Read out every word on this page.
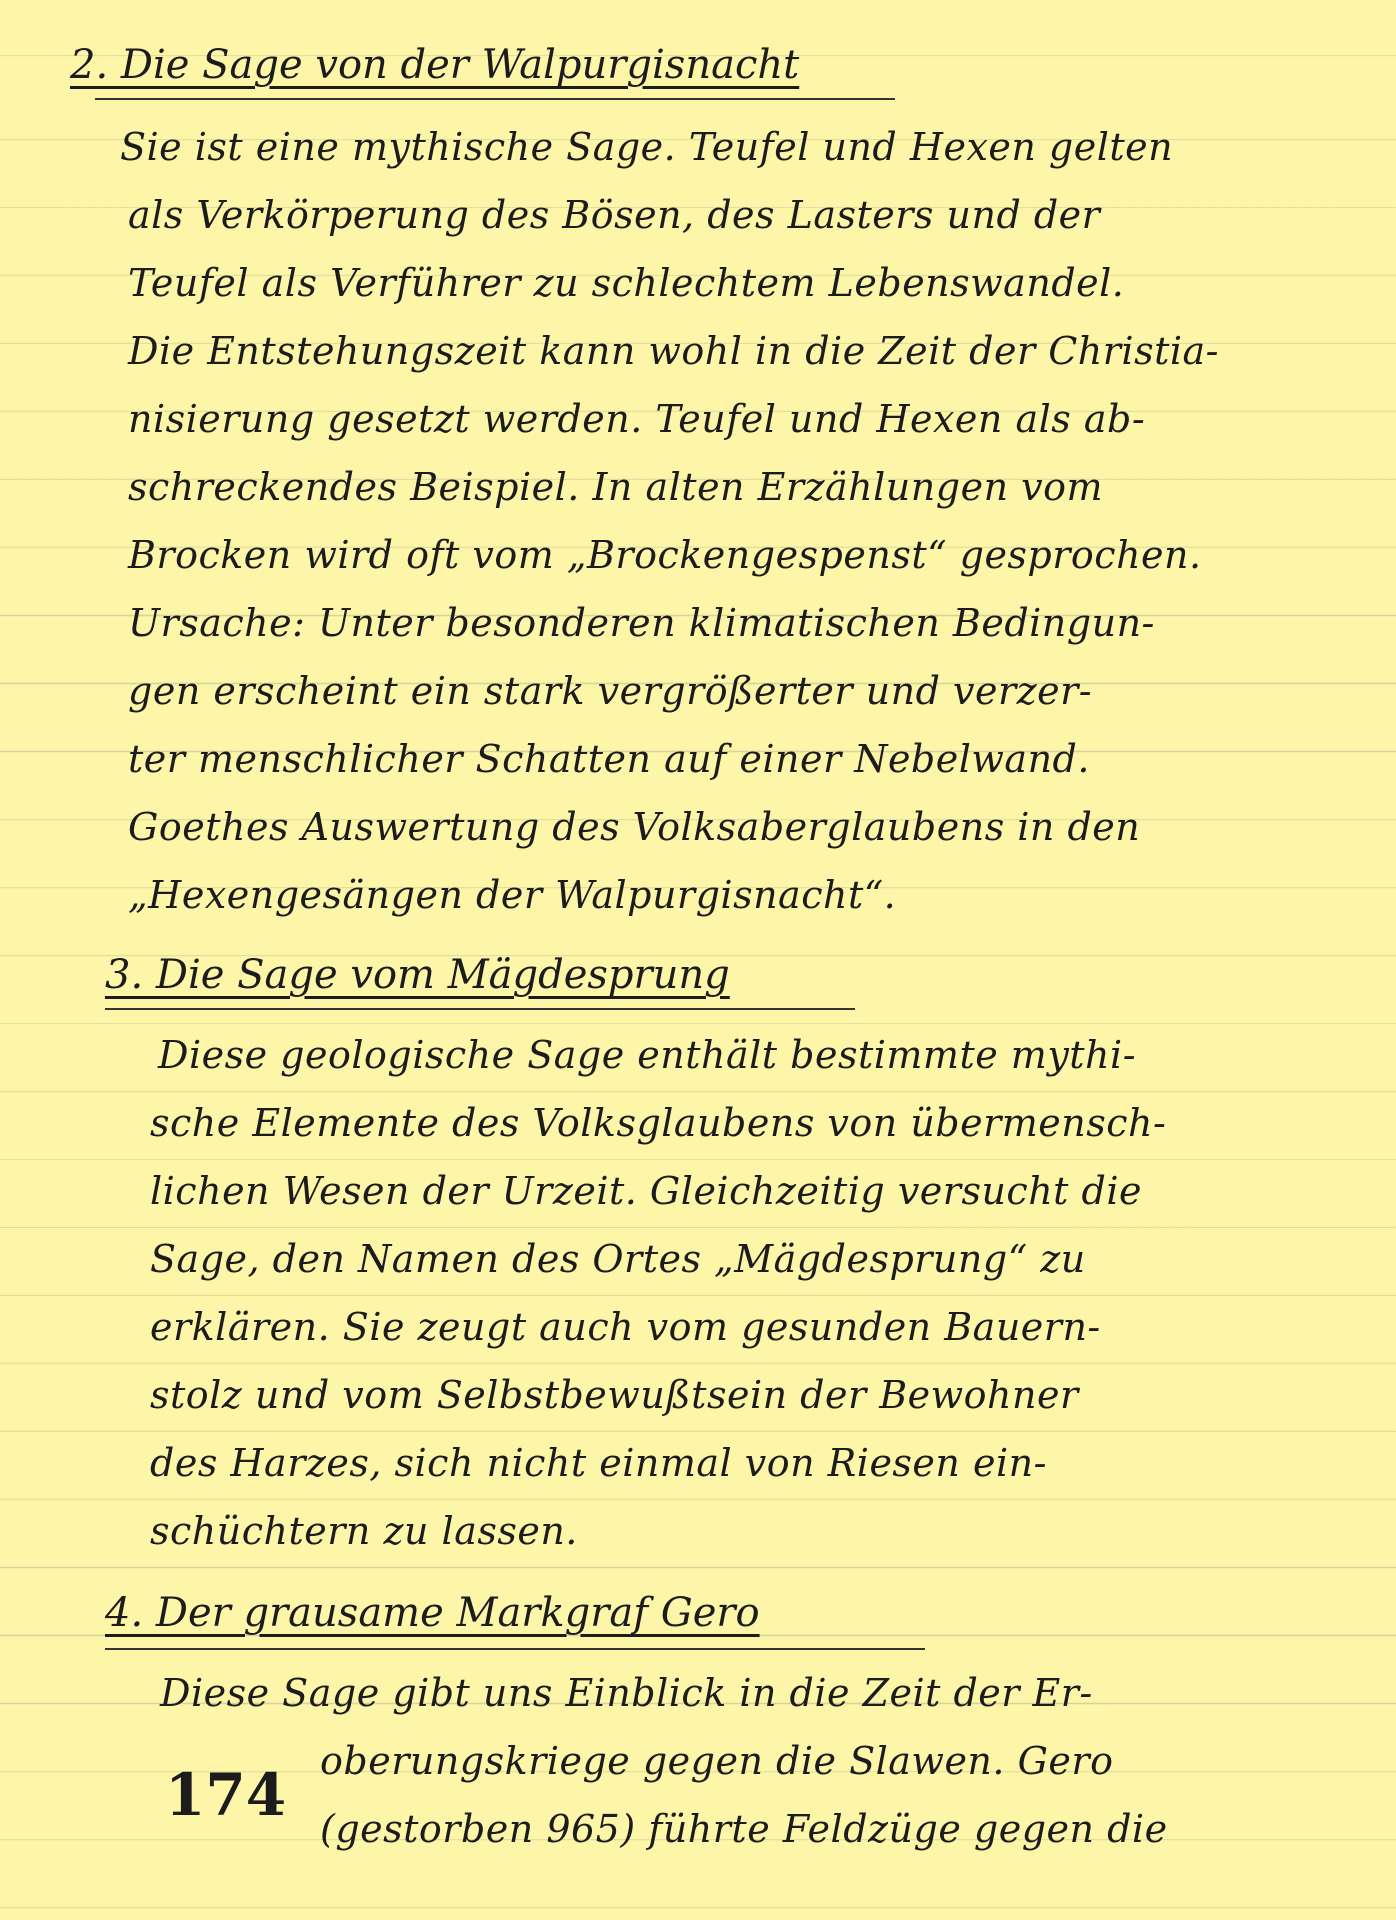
2. Die Sage von der Walpurgisnacht
Sie ist eine mythische Sage. Teufel und Hexen gelten
als Verkörperung des Bösen, des Lasters und der
Teufel als Verführer zu schlechtem Lebenswandel.
Die Entstehungszeit kann wohl in die Zeit der Christia-
nisierung gesetzt werden. Teufel und Hexen als ab-
schreckendes Beispiel. In alten Erzählungen vom
Brocken wird oft vom „Brockengespenst“ gesprochen.
Ursache: Unter besonderen klimatischen Bedingun-
gen erscheint ein stark vergrößerter und verzer-
ter menschlicher Schatten auf einer Nebelwand.
Goethes Auswertung des Volksaberglaubens in den
„Hexengesängen der Walpurgisnacht“.
3. Die Sage vom Mägdesprung
Diese geologische Sage enthält bestimmte mythi-
sche Elemente des Volksglaubens von übermensch-
lichen Wesen der Urzeit. Gleichzeitig versucht die
Sage, den Namen des Ortes „Mägdesprung“ zu
erklären. Sie zeugt auch vom gesunden Bauern-
stolz und vom Selbstbewußtsein der Bewohner
des Harzes, sich nicht einmal von Riesen ein-
schüchtern zu lassen.
4. Der grausame Markgraf Gero
Diese Sage gibt uns Einblick in die Zeit der Er-
oberungskriege gegen die Slawen. Gero
(gestorben 965) führte Feldzüge gegen die
174
